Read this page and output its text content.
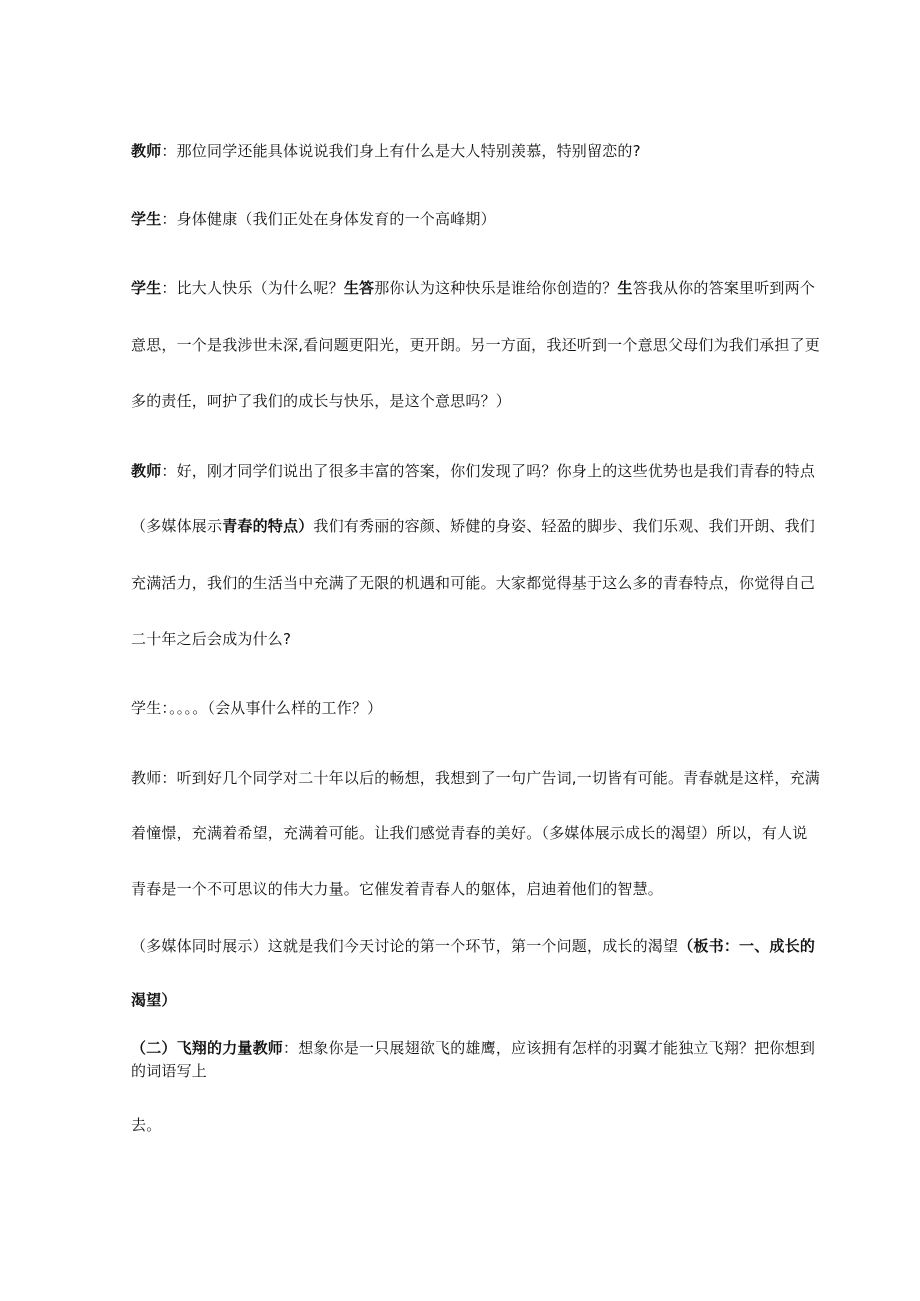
教师：那位同学还能具体说说我们身上有什么是大人特别羡慕，特别留恋的?
学生：身体健康（我们正处在身体发育的一个高峰期）
学生：比大人快乐（为什么呢？生答那你认为这种快乐是谁给你创造的？生答我从你的答案里听到两个
意思，一个是我涉世未深,看问题更阳光，更开朗。另一方面，我还听到一个意思父母们为我们承担了更
多的责任，呵护了我们的成长与快乐，是这个意思吗？）
教师：好，刚才同学们说出了很多丰富的答案，你们发现了吗？你身上的这些优势也是我们青春的特点
（多媒体展示青春的特点）我们有秀丽的容颜、矫健的身姿、轻盈的脚步、我们乐观、我们开朗、我们
充满活力，我们的生活当中充满了无限的机遇和可能。大家都觉得基于这么多的青春特点，你觉得自己
二十年之后会成为什么?
学生：。。。。（会从事什么样的工作？）
教师：听到好几个同学对二十年以后的畅想，我想到了一句广告词,一切皆有可能。青春就是这样，充满
着憧憬，充满着希望，充满着可能。让我们感觉青春的美好。（多媒体展示成长的渴望）所以，有人说
青春是一个不可思议的伟大力量。它催发着青春人的躯体，启迪着他们的智慧。
（多媒体同时展示）这就是我们今天讨论的第一个环节，第一个问题，成长的渴望（板书：一、成长的
渴望）
（二）飞翔的力量教师：想象你是一只展翅欲飞的雄鹰，应该拥有怎样的羽翼才能独立飞翔？把你想到
的词语写上
去。
